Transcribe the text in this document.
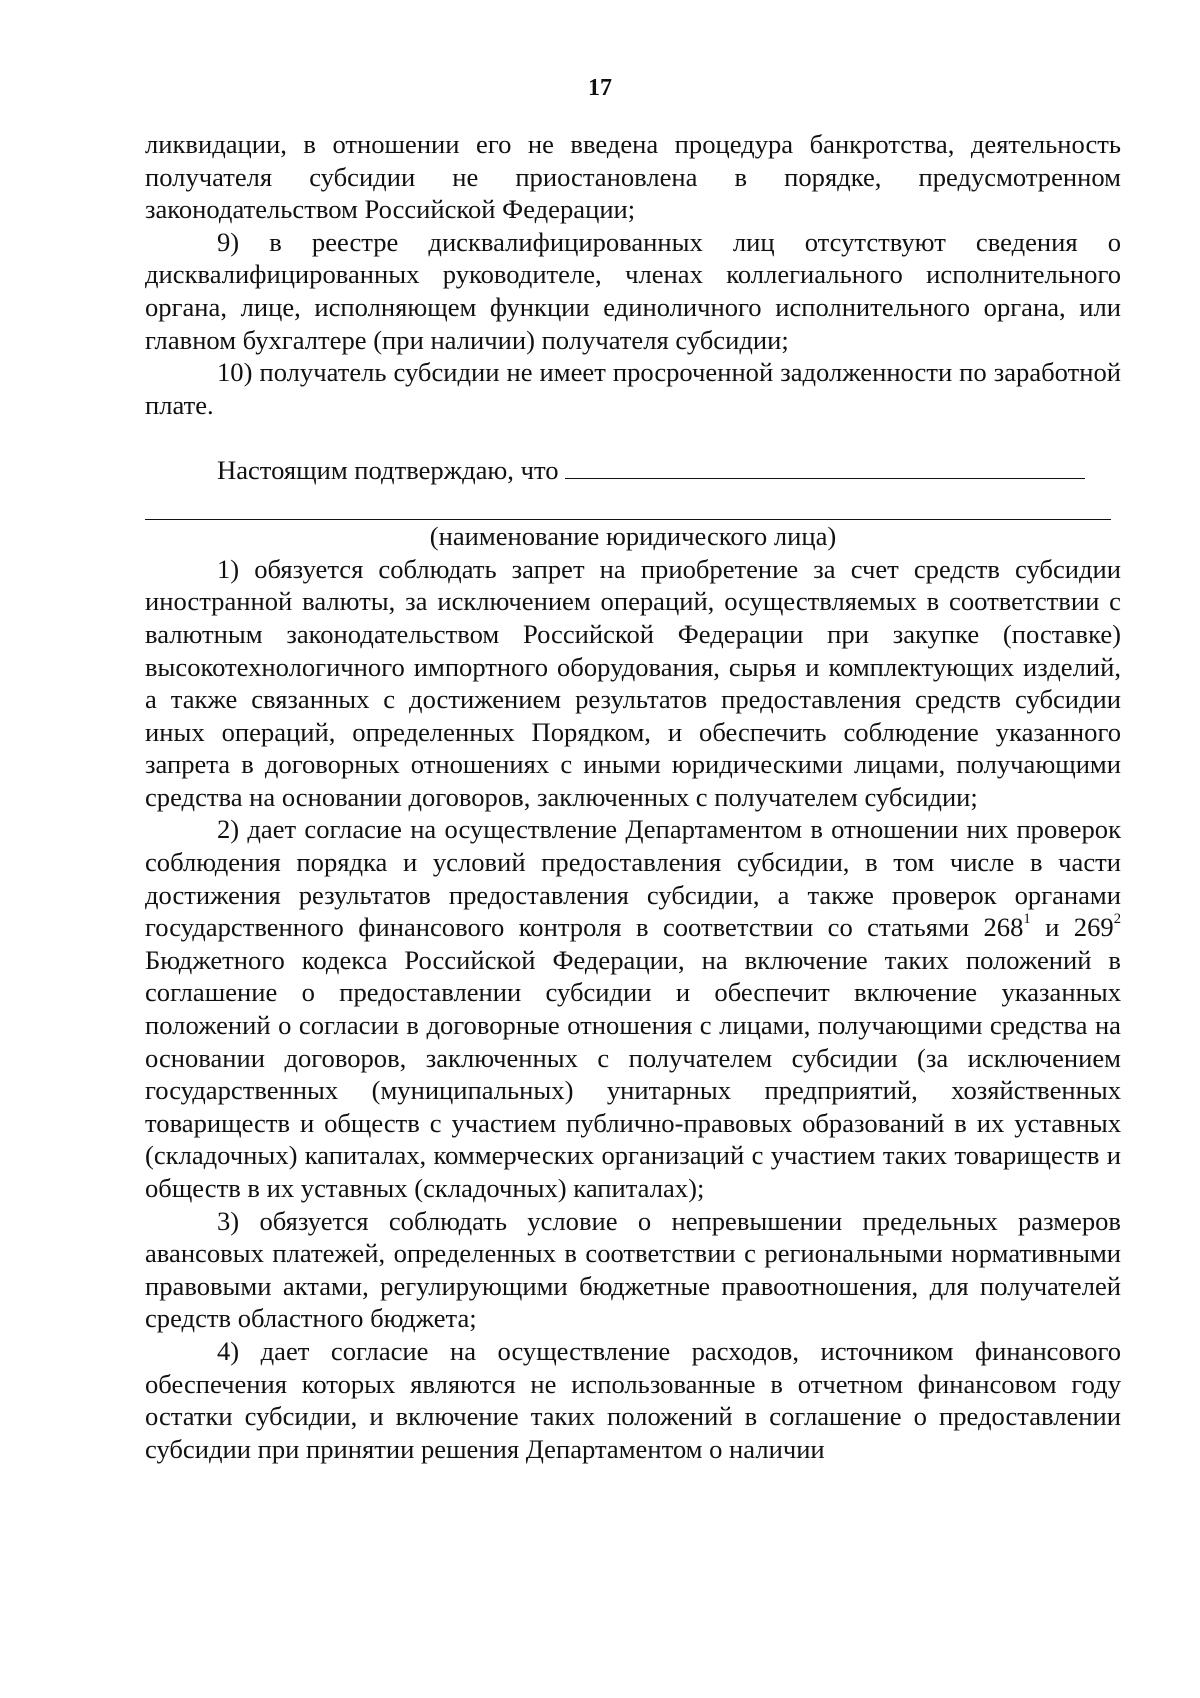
17

ликвидации, в отношении его не введена процедура банкротства, деятельность получателя субсидии не приостановлена в порядке, предусмотренном законодательством Российской Федерации;

9) в реестре дисквалифицированных лиц отсутствуют сведения о дисквалифицированных руководителе, членах коллегиального исполнительного органа, лице, исполняющем функции единоличного исполнительного органа, или главном бухгалтере (при наличии) получателя субсидии;

10) получатель субсидии не имеет просроченной задолженности по заработной плате.

Настоящим подтверждаю, что

(наименование юридического лица)

1) обязуется соблюдать запрет на приобретение за счет средств субсидии иностранной валюты, за исключением операций, осуществляемых в соответствии с валютным законодательством Российской Федерации при закупке (поставке) высокотехнологичного импортного оборудования, сырья и комплектующих изделий, а также связанных с достижением результатов предоставления средств субсидии иных операций, определенных Порядком, и обеспечить соблюдение указанного запрета в договорных отношениях с иными юридическими лицами, получающими средства на основании договоров, заключенных с получателем субсидии;

2) дает согласие на осуществление Департаментом в отношении них проверок соблюдения порядка и условий предоставления субсидии, в том числе в части достижения результатов предоставления субсидии, а также проверок органами государственного финансового контроля в соответствии со статьями $268^1$ и $269^2$ Бюджетного кодекса Российской Федерации, на включение таких положений в соглашение о предоставлении субсидии и обеспечит включение указанных положений о согласии в договорные отношения с лицами, получающими средства на основании договоров, заключенных с получателем субсидии (за исключением государственных (муниципальных) унитарных предприятий, хозяйственных товариществ и обществ с участием публично-правовых образований в их уставных (складочных) капиталах, коммерческих организаций с участием таких товариществ и обществ в их уставных (складочных) капиталах);

3) обязуется соблюдать условие о непревышении предельных размеров авансовых платежей, определенных в соответствии с региональными нормативными правовыми актами, регулирующими бюджетные правоотношения, для получателей средств областного бюджета;

4) дает согласие на осуществление расходов, источником финансового обеспечения которых являются не использованные в отчетном финансовом году остатки субсидии, и включение таких положений в соглашение о предоставлении субсидии при принятии решения Департаментом о наличии
